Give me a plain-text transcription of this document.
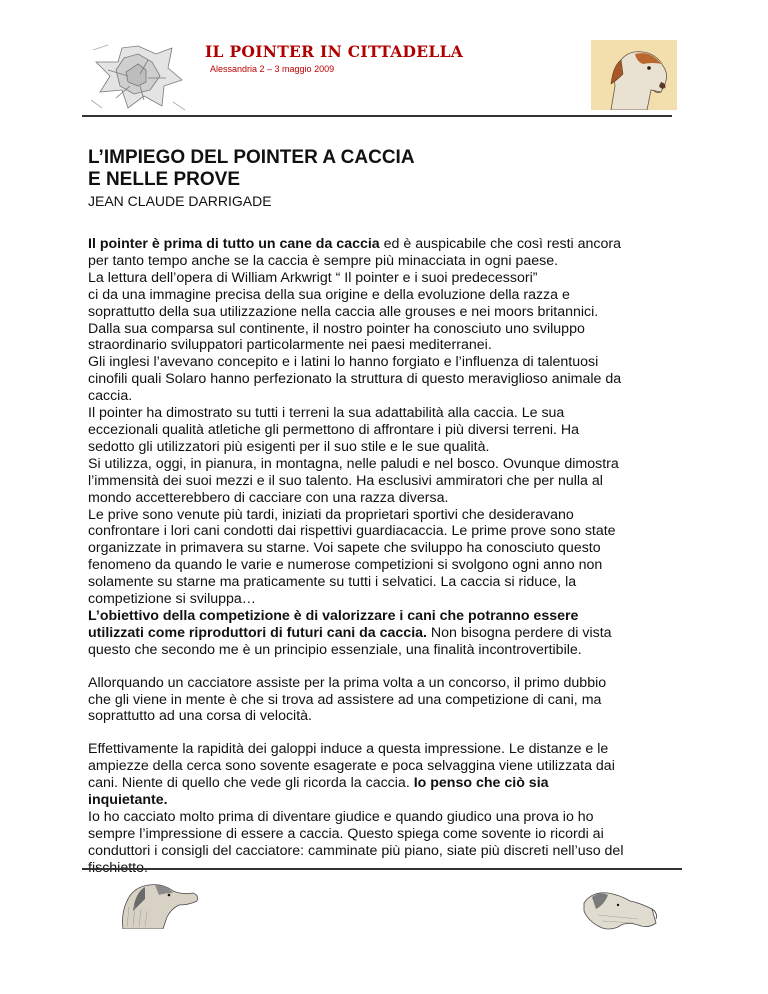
IL POINTER IN CITTADELLA
Alessandria 2 – 3 maggio 2009
L’IMPIEGO DEL POINTER A CACCIA
E NELLE PROVE
JEAN CLAUDE DARRIGADE

Il pointer è prima di tutto un cane da caccia ed è auspicabile che così resti ancora
per tanto tempo anche se la caccia è sempre più minacciata in ogni paese.
La lettura dell’opera di William Arkwrigt “ Il pointer e i suoi predecessori”
ci da una immagine precisa della sua origine e della evoluzione della razza e
soprattutto della sua utilizzazione nella caccia alle grouses e nei moors britannici.
Dalla sua comparsa sul continente, il nostro pointer ha conosciuto uno sviluppo
straordinario sviluppatori particolarmente nei paesi mediterranei.
Gli inglesi l’avevano concepito e i latini lo hanno forgiato e l’influenza di talentuosi
cinofili quali Solaro hanno perfezionato la struttura di questo meraviglioso animale da
caccia.
Il pointer ha dimostrato su tutti i terreni la sua adattabilità alla caccia. Le sua
eccezionali qualità atletiche gli permettono di affrontare i più diversi terreni. Ha
sedotto gli utilizzatori più esigenti per il suo stile e le sue qualità.
Si utilizza, oggi, in pianura, in montagna, nelle paludi e nel bosco. Ovunque dimostra
l’immensità dei suoi mezzi e il suo talento. Ha esclusivi ammiratori che per nulla al
mondo accetterebbero di cacciare con una razza diversa.
Le prive sono venute più tardi, iniziati da proprietari sportivi che desideravano
confrontare i lori cani condotti dai rispettivi guardiacaccia. Le prime prove sono state
organizzate in primavera su starne. Voi sapete che sviluppo ha conosciuto questo
fenomeno da quando le varie e numerose competizioni si svolgono ogni anno non
solamente su starne ma praticamente su tutti i selvatici. La caccia si riduce, la
competizione si sviluppa…
L’obiettivo della competizione è di valorizzare i cani che potranno essere
utilizzati come riproduttori di futuri cani da caccia. Non bisogna perdere di vista
questo che secondo me è un principio essenziale, una finalità incontrovertibile.

Allorquando un cacciatore assiste per la prima volta a un concorso, il primo dubbio
che gli viene in mente è che si trova ad assistere ad una competizione di cani, ma
soprattutto ad una corsa di velocità.

Effettivamente la rapidità dei galoppi induce a questa impressione. Le distanze e le
ampiezze della cerca sono sovente esagerate e poca selvaggina viene utilizzata dai
cani. Niente di quello che vede gli ricorda la caccia. Io penso che ciò sia
inquietante.
Io ho cacciato molto prima di diventare giudice e quando giudico una prova io ho
sempre l’impressione di essere a caccia. Questo spiega come sovente io ricordi ai
conduttori i consigli del cacciatore: camminate più piano, siate più discreti nell’uso del
fischietto.
